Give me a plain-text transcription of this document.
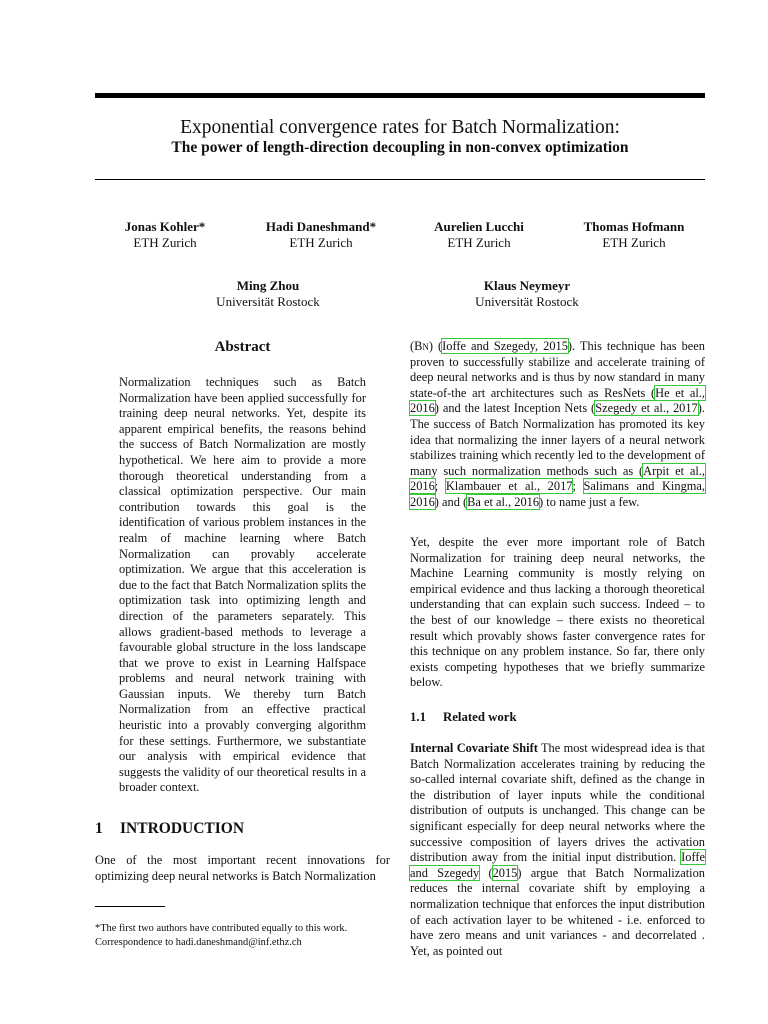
Exponential convergence rates for Batch Normalization:
The power of length-direction decoupling in non-convex optimization
Jonas Kohler*
ETH Zurich
Hadi Daneshmand*
ETH Zurich
Aurelien Lucchi
ETH Zurich
Thomas Hofmann
ETH Zurich
Ming Zhou
Universität Rostock
Klaus Neymeyr
Universität Rostock
Abstract
Normalization techniques such as Batch Normalization have been applied successfully for training deep neural networks. Yet, despite its apparent empirical benefits, the reasons behind the success of Batch Normalization are mostly hypothetical. We here aim to provide a more thorough theoretical understanding from a classical optimization perspective. Our main contribution towards this goal is the identification of various problem instances in the realm of machine learning where Batch Normalization can provably accelerate optimization. We argue that this acceleration is due to the fact that Batch Normalization splits the optimization task into optimizing length and direction of the parameters separately. This allows gradient-based methods to leverage a favourable global structure in the loss landscape that we prove to exist in Learning Halfspace problems and neural network training with Gaussian inputs. We thereby turn Batch Normalization from an effective practical heuristic into a provably converging algorithm for these settings. Furthermore, we substantiate our analysis with empirical evidence that suggests the validity of our theoretical results in a broader context.
1 INTRODUCTION
One of the most important recent innovations for optimizing deep neural networks is Batch Normalization
*The first two authors have contributed equally to this work.
Correspondence to hadi.daneshmand@inf.ethz.ch
(Bn) (Ioffe and Szegedy, 2015). This technique has been proven to successfully stabilize and accelerate training of deep neural networks and is thus by now standard in many state-of-the art architectures such as ResNets (He et al., 2016) and the latest Inception Nets (Szegedy et al., 2017). The success of Batch Normalization has promoted its key idea that normalizing the inner layers of a neural network stabilizes training which recently led to the development of many such normalization methods such as (Arpit et al., 2016; Klambauer et al., 2017; Salimans and Kingma, 2016) and (Ba et al., 2016) to name just a few.
Yet, despite the ever more important role of Batch Normalization for training deep neural networks, the Machine Learning community is mostly relying on empirical evidence and thus lacking a thorough theoretical understanding that can explain such success. Indeed – to the best of our knowledge – there exists no theoretical result which provably shows faster convergence rates for this technique on any problem instance. So far, there only exists competing hypotheses that we briefly summarize below.
1.1 Related work
Internal Covariate Shift The most widespread idea is that Batch Normalization accelerates training by reducing the so-called internal covariate shift, defined as the change in the distribution of layer inputs while the conditional distribution of outputs is unchanged. This change can be significant especially for deep neural networks where the successive composition of layers drives the activation distribution away from the initial input distribution. Ioffe and Szegedy (2015) argue that Batch Normalization reduces the internal covariate shift by employing a normalization technique that enforces the input distribution of each activation layer to be whitened - i.e. enforced to have zero means and unit variances - and decorrelated . Yet, as pointed out
